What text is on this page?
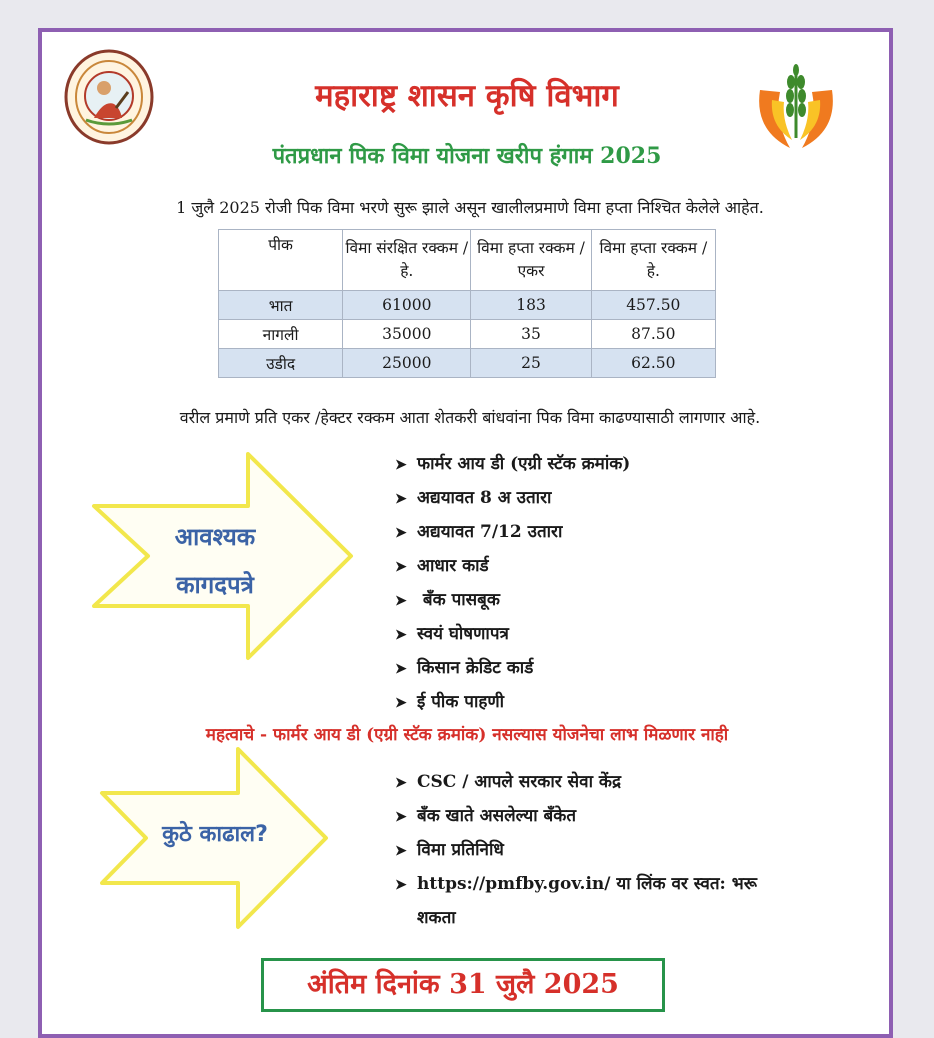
महाराष्ट्र शासन कृषि विभाग
पंतप्रधान पिक विमा योजना खरीप हंगाम 2025
1 जुलै 2025 रोजी पिक विमा भरणे सुरू झाले असून खालीलप्रमाणे विमा हप्ता निश्चित केलेले आहेत.
पीक	विमा संरक्षित रक्कम / हे.	विमा हप्ता रक्कम /एकर	विमा हप्ता रक्कम / हे.
भात	61000	183	457.50
नागली	35000	35	87.50
उडीद	25000	25	62.50
वरील प्रमाणे प्रति एकर /हेक्टर रक्कम आता शेतकरी बांधवांना पिक विमा काढण्यासाठी लागणार आहे.
आवश्यक
कागदपत्रे
➤ फार्मर आय डी (एग्री स्टॅक क्रमांक)
➤ अद्ययावत 8 अ उतारा
➤ अद्ययावत 7/12 उतारा
➤ आधार कार्ड
➤ बँक पासबूक
➤ स्वयं घोषणापत्र
➤ किसान क्रेडिट कार्ड
➤ ई पीक पाहणी
महत्वाचे - फार्मर आय डी (एग्री स्टॅक क्रमांक) नसल्यास योजनेचा लाभ मिळणार नाही
कुठे काढाल?
➤ CSC / आपले सरकार सेवा केंद्र
➤ बँक खाते असलेल्या बँकेत
➤ विमा प्रतिनिधि
➤ https://pmfby.gov.in/ या लिंक वर स्वत: भरू
शकता
अंतिम दिनांक 31 जुलै 2025
